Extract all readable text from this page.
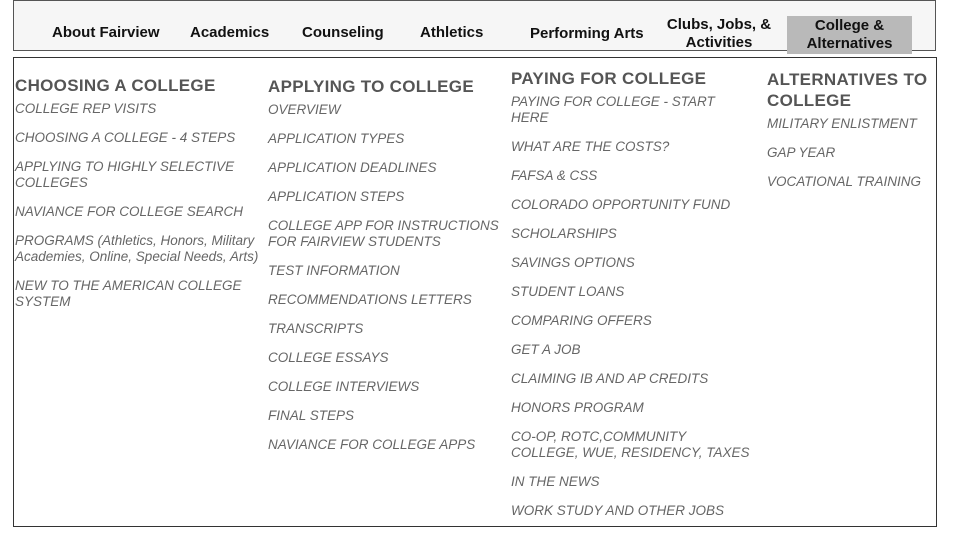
About Fairview Academics Counseling Athletics	Performing Arts
Clubs, Jobs, &
Activities
College &
Alternatives
CHOOSING A COLLEGE
COLLEGE REP VISITS
CHOOSING A COLLEGE - 4 STEPS
APPLYING TO HIGHLY SELECTIVE COLLEGES
NAVIANCE FOR COLLEGE SEARCH
PROGRAMS (Athletics, Honors, Military Academies, Online, Special Needs, Arts)
NEW TO THE AMERICAN COLLEGE SYSTEM
APPLYING TO COLLEGE
OVERVIEW
APPLICATION TYPES
APPLICATION DEADLINES
APPLICATION STEPS
COLLEGE APP FOR INSTRUCTIONS FOR FAIRVIEW STUDENTS
TEST INFORMATION
RECOMMENDATIONS LETTERS
TRANSCRIPTS
COLLEGE ESSAYS
COLLEGE INTERVIEWS
FINAL STEPS
NAVIANCE FOR COLLEGE APPS
PAYING FOR COLLEGE
PAYING FOR COLLEGE - START HERE
WHAT ARE THE COSTS?
FAFSA & CSS
COLORADO OPPORTUNITY FUND
SCHOLARSHIPS
SAVINGS OPTIONS
STUDENT LOANS
COMPARING OFFERS
GET A JOB
CLAIMING IB AND AP CREDITS
HONORS PROGRAM
CO-OP, ROTC,COMMUNITY COLLEGE, WUE, RESIDENCY, TAXES
IN THE NEWS
WORK STUDY AND OTHER JOBS
ALTERNATIVES TO COLLEGE
MILITARY ENLISTMENT
GAP YEAR
VOCATIONAL TRAINING
